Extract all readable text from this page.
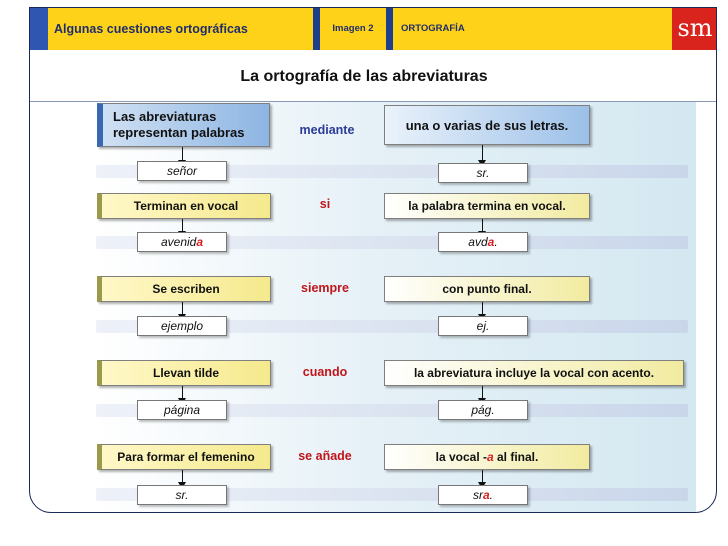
Algunas cuestiones ortográficas	Imagen 2	ORTOGRAFÍA	sm
La ortografía de las abreviaturas
Las abreviaturas representan palabras	mediante	una o varias de sus letras.
señor	sr.
Terminan en vocal	si	la palabra termina en vocal.
avenid a	avd a .
Se escriben	siempre	con punto final.
ejemplo	ej.
Llevan tilde	cuando	la abreviatura incluye la vocal con acento.
página	pág.
Para formar el femenino	se añade	la vocal - a al final.
sr.	sr a .
